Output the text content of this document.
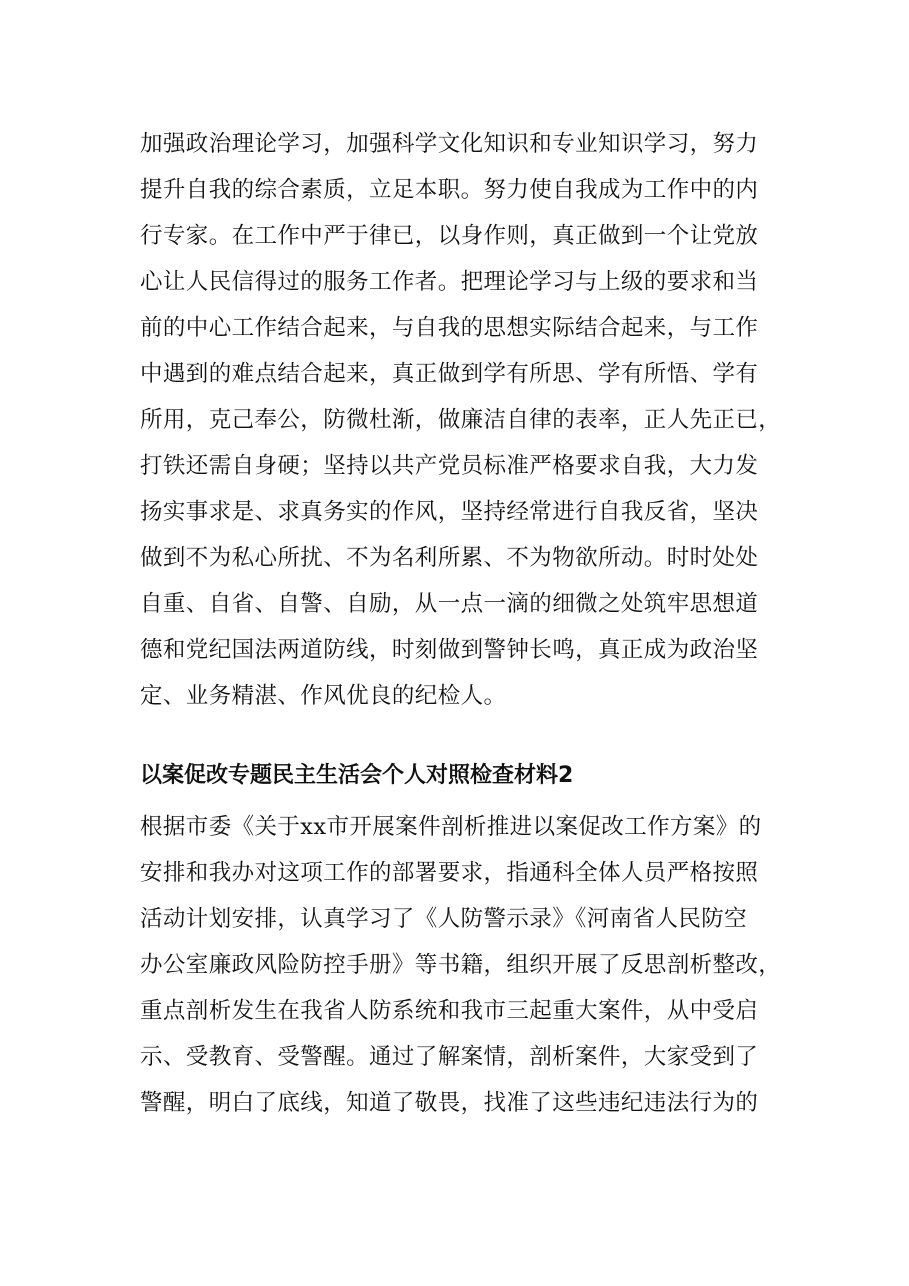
加强政治理论学习，加强科学文化知识和专业知识学习，努力
提升自我的综合素质，立足本职。努力使自我成为工作中的内
行专家。在工作中严于律已，以身作则，真正做到一个让党放
心让人民信得过的服务工作者。把理论学习与上级的要求和当
前的中心工作结合起来，与自我的思想实际结合起来，与工作
中遇到的难点结合起来，真正做到学有所思、学有所悟、学有
所用，克己奉公，防微杜渐，做廉洁自律的表率，正人先正已，
打铁还需自身硬；坚持以共产党员标准严格要求自我，大力发
扬实事求是、求真务实的作风，坚持经常进行自我反省，坚决
做到不为私心所扰、不为名利所累、不为物欲所动。时时处处
自重、自省、自警、自励，从一点一滴的细微之处筑牢思想道
德和党纪国法两道防线，时刻做到警钟长鸣，真正成为政治坚
定、业务精湛、作风优良的纪检人。
以案促改专题民主生活会个人对照检查材料2
根据市委《关于xx市开展案件剖析推进以案促改工作方案》的
安排和我办对这项工作的部署要求，指通科全体人员严格按照
活动计划安排，认真学习了《人防警示录》《河南省人民防空
办公室廉政风险防控手册》等书籍，组织开展了反思剖析整改，
重点剖析发生在我省人防系统和我市三起重大案件，从中受启
示、受教育、受警醒。通过了解案情，剖析案件，大家受到了
警醒，明白了底线，知道了敬畏，找准了这些违纪违法行为的
